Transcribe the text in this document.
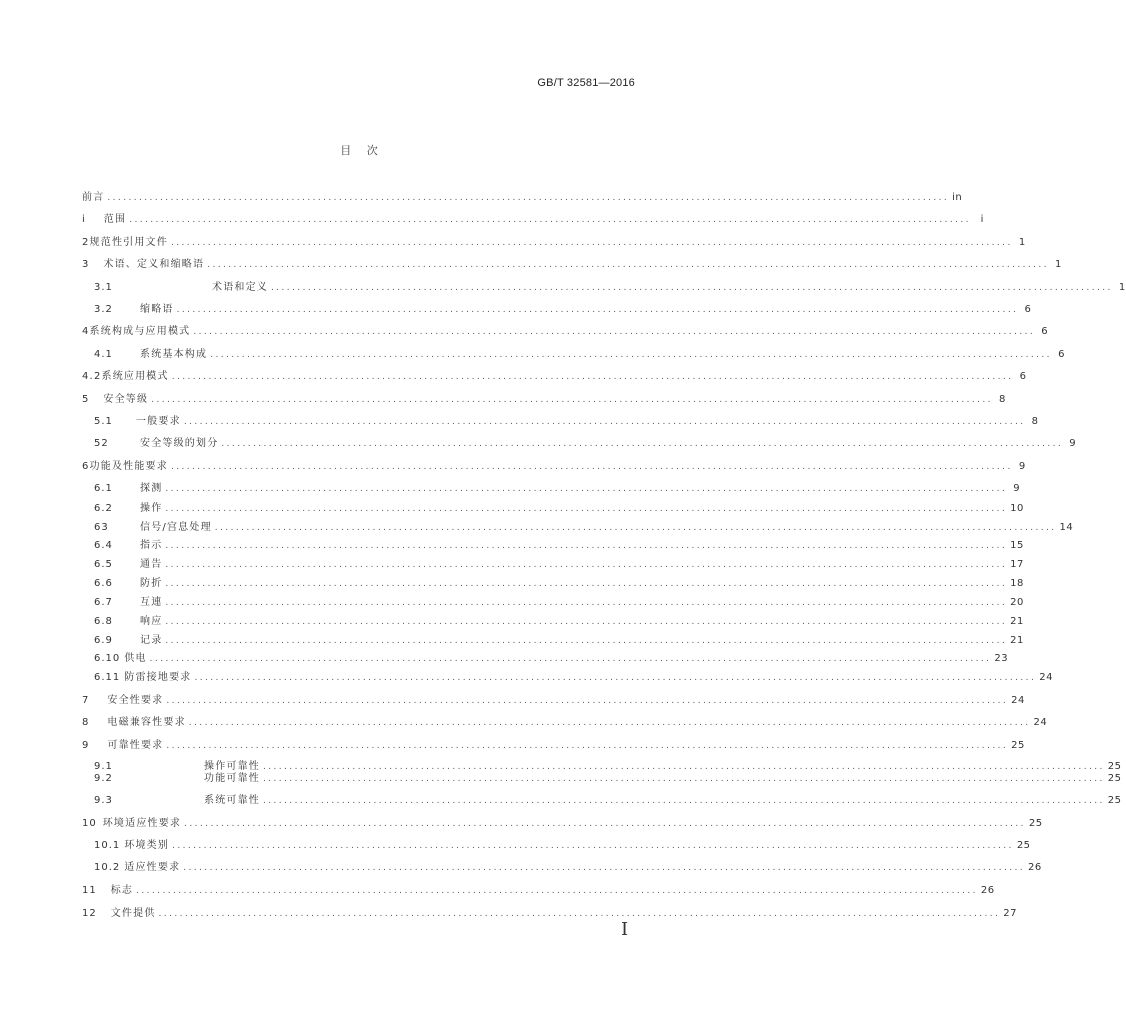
GB/T 32581—2016
目 次
前言 ................................................................................................................................................................ in
i 范围 ................................................................................................................................................................ i
2规范性引用文件 ................................................................................................................................................................ 1
3 术语、定义和缩略语 ................................................................................................................................................................ 1
3.1	术语和定义 ................................................................................................................................................................ 1
3.2	缩略语 ................................................................................................................................................................ 6
4系统构成与应用模式 ................................................................................................................................................................ 6
4.1	系统基本构成 ................................................................................................................................................................ 6
4.2系统应用模式 ................................................................................................................................................................ 6
5 安全等级 ................................................................................................................................................................ 8
5.1	一般要求 ................................................................................................................................................................ 8
52	安全等级的划分 ................................................................................................................................................................ 9
6功能及性能要求 ................................................................................................................................................................ 9
6.1	探测 ................................................................................................................................................................ 9
6.2	操作 ................................................................................................................................................................ 10
63	信号/宫息处理 ................................................................................................................................................................ 14
6.4	指示 ................................................................................................................................................................ 15
6.5	通告 ................................................................................................................................................................ 17
6.6	防折 ................................................................................................................................................................ 18
6.7	互連 ................................................................................................................................................................ 20
6.8	响应 ................................................................................................................................................................ 21
6.9	记录 ................................................................................................................................................................ 21
6.10 供电 ................................................................................................................................................................ 23
6.11 防雷接地要求 ................................................................................................................................................................ 24
7 安全性要求 ................................................................................................................................................................ 24
8 电磁兼容性要求 ................................................................................................................................................................ 24
9 可靠性要求 ................................................................................................................................................................ 25
9.1	操作可靠性 ................................................................................................................................................................ 25
9.2	功能可靠性 ................................................................................................................................................................ 25
9.3	系统可靠性 ................................................................................................................................................................ 25
10 环境适应性要求 ................................................................................................................................................................ 25
10.1 环境类别 ................................................................................................................................................................ 25
10.2 适应性要求 ................................................................................................................................................................ 26
11 标志 ................................................................................................................................................................ 26
12 文件提供 ................................................................................................................................................................ 27
I
